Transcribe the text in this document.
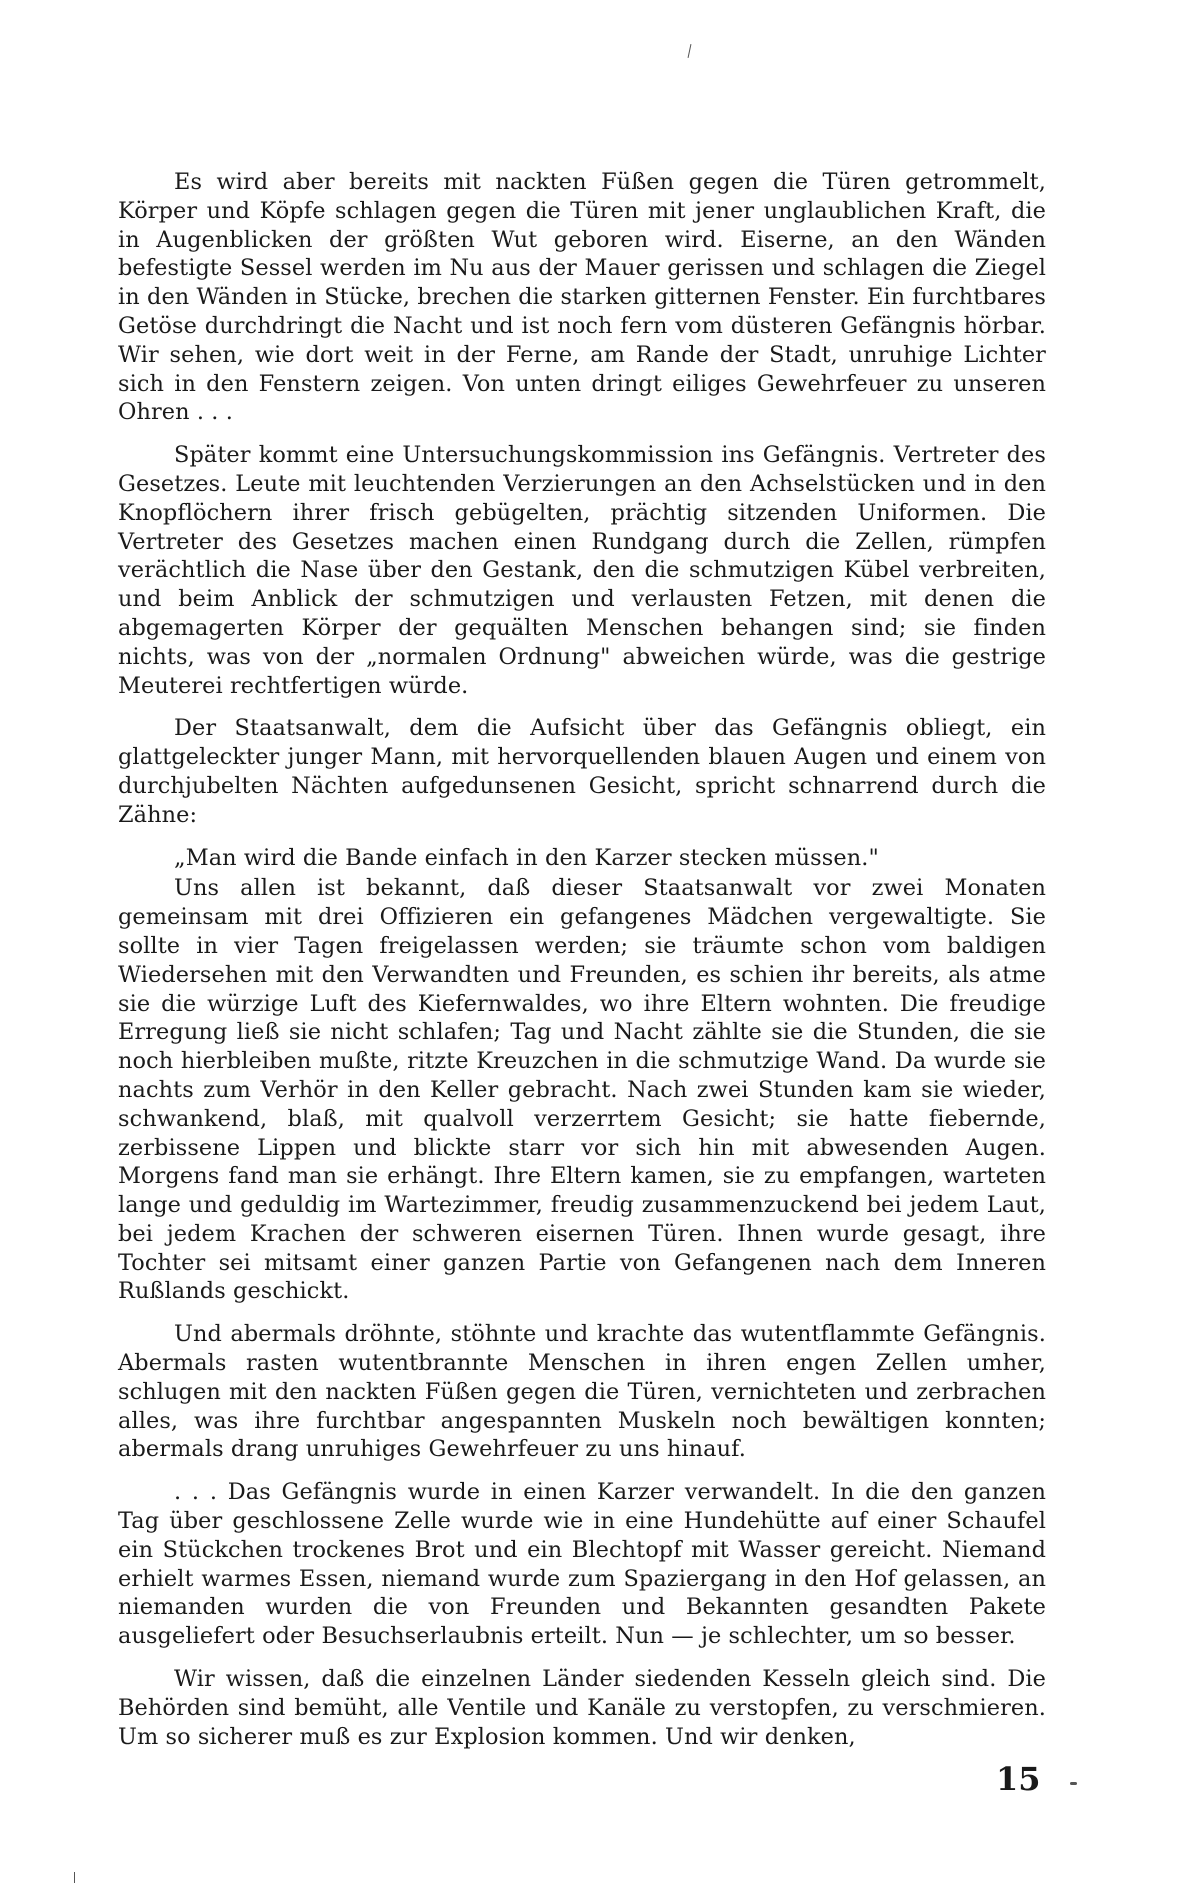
Es wird aber bereits mit nackten Füßen gegen die Türen getrommelt, Körper und Köpfe schlagen gegen die Türen mit jener unglaublichen Kraft, die in Augenblicken der größten Wut geboren wird. Eiserne, an den Wänden befestigte Sessel werden im Nu aus der Mauer gerissen und schlagen die Ziegel in den Wänden in Stücke, brechen die starken gitternen Fenster. Ein furchtbares Getöse durchdringt die Nacht und ist noch fern vom düsteren Gefängnis hörbar. Wir sehen, wie dort weit in der Ferne, am Rande der Stadt, unruhige Lichter sich in den Fenstern zeigen. Von unten dringt eiliges Gewehrfeuer zu unseren Ohren . . .

Später kommt eine Untersuchungskommission ins Gefängnis. Vertreter des Gesetzes. Leute mit leuchtenden Verzierungen an den Achselstücken und in den Knopflöchern ihrer frisch gebügelten, prächtig sitzenden Uniformen. Die Vertreter des Gesetzes machen einen Rundgang durch die Zellen, rümpfen verächtlich die Nase über den Gestank, den die schmutzigen Kübel verbreiten, und beim Anblick der schmutzigen und verlausten Fetzen, mit denen die abgemagerten Körper der gequälten Menschen behangen sind; sie finden nichts, was von der „normalen Ordnung" abweichen würde, was die gestrige Meuterei rechtfertigen würde.

Der Staatsanwalt, dem die Aufsicht über das Gefängnis obliegt, ein glattgeleckter junger Mann, mit hervorquellenden blauen Augen und einem von durchjubelten Nächten aufgedunsenen Gesicht, spricht schnarrend durch die Zähne:

„Man wird die Bande einfach in den Karzer stecken müssen."

Uns allen ist bekannt, daß dieser Staatsanwalt vor zwei Monaten gemeinsam mit drei Offizieren ein gefangenes Mädchen vergewaltigte. Sie sollte in vier Tagen freigelassen werden; sie träumte schon vom baldigen Wiedersehen mit den Verwandten und Freunden, es schien ihr bereits, als atme sie die würzige Luft des Kiefernwaldes, wo ihre Eltern wohnten. Die freudige Erregung ließ sie nicht schlafen; Tag und Nacht zählte sie die Stunden, die sie noch hierbleiben mußte, ritzte Kreuzchen in die schmutzige Wand. Da wurde sie nachts zum Verhör in den Keller gebracht. Nach zwei Stunden kam sie wieder, schwankend, blaß, mit qualvoll verzerrtem Gesicht; sie hatte fiebernde, zerbissene Lippen und blickte starr vor sich hin mit abwesenden Augen. Morgens fand man sie erhängt. Ihre Eltern kamen, sie zu empfangen, warteten lange und geduldig im Wartezimmer, freudig zusammenzuckend bei jedem Laut, bei jedem Krachen der schweren eisernen Türen. Ihnen wurde gesagt, ihre Tochter sei mitsamt einer ganzen Partie von Gefangenen nach dem Inneren Rußlands geschickt.

Und abermals dröhnte, stöhnte und krachte das wutentflammte Gefängnis. Abermals rasten wutentbrannte Menschen in ihren engen Zellen umher, schlugen mit den nackten Füßen gegen die Türen, vernichteten und zerbrachen alles, was ihre furchtbar angespannten Muskeln noch bewältigen konnten; abermals drang unruhiges Gewehrfeuer zu uns hinauf.

. . . Das Gefängnis wurde in einen Karzer verwandelt. In die den ganzen Tag über geschlossene Zelle wurde wie in eine Hundehütte auf einer Schaufel ein Stückchen trockenes Brot und ein Blechtopf mit Wasser gereicht. Niemand erhielt warmes Essen, niemand wurde zum Spaziergang in den Hof gelassen, an niemanden wurden die von Freunden und Bekannten gesandten Pakete ausgeliefert oder Besuchserlaubnis erteilt. Nun — je schlechter, um so besser.

Wir wissen, daß die einzelnen Länder siedenden Kesseln gleich sind. Die Behörden sind bemüht, alle Ventile und Kanäle zu verstopfen, zu verschmieren. Um so sicherer muß es zur Explosion kommen. Und wir denken,

15
